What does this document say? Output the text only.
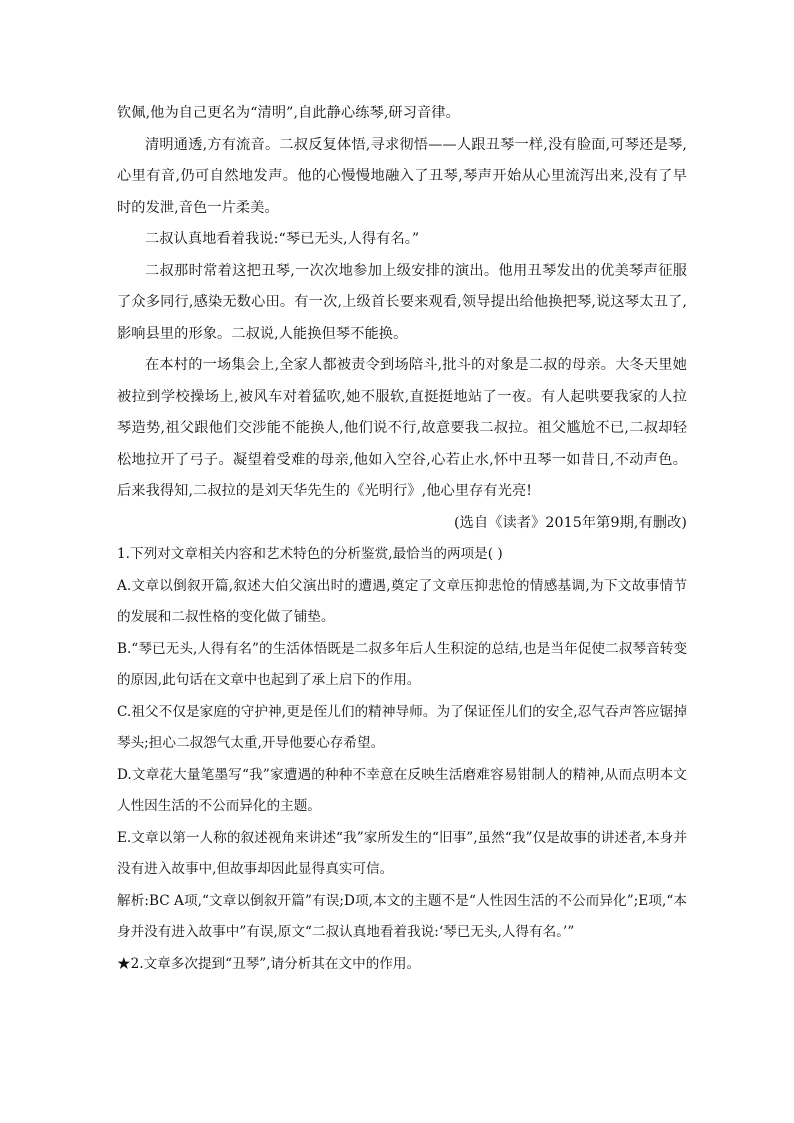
钦佩,他为自己更名为“清明”,自此静心练琴,研习音律。

清明通透,方有流音。二叔反复体悟,寻求彻悟——人跟丑琴一样,没有脸面,可琴还是琴,心里有音,仍可自然地发声。他的心慢慢地融入了丑琴,琴声开始从心里流泻出来,没有了早时的发泄,音色一片柔美。

二叔认真地看着我说:“琴已无头,人得有名。”

二叔那时常着这把丑琴,一次次地参加上级安排的演出。他用丑琴发出的优美琴声征服了众多同行,感染无数心田。有一次,上级首长要来观看,领导提出给他换把琴,说这琴太丑了,影响县里的形象。二叔说,人能换但琴不能换。

在本村的一场集会上,全家人都被责令到场陪斗,批斗的对象是二叔的母亲。大冬天里她被拉到学校操场上,被风车对着猛吹,她不服软,直挺挺地站了一夜。有人起哄要我家的人拉琴造势,祖父跟他们交涉能不能换人,他们说不行,故意要我二叔拉。祖父尴尬不已,二叔却轻松地拉开了弓子。凝望着受难的母亲,他如入空谷,心若止水,怀中丑琴一如昔日,不动声色。后来我得知,二叔拉的是刘天华先生的《光明行》,他心里存有光亮!

(选自《读者》2015年第9期,有删改)

1.下列对文章相关内容和艺术特色的分析鉴赏,最恰当的两项是( )

A.文章以倒叙开篇,叙述大伯父演出时的遭遇,奠定了文章压抑悲怆的情感基调,为下文故事情节的发展和二叔性格的变化做了铺垫。

B.“琴已无头,人得有名”的生活体悟既是二叔多年后人生积淀的总结,也是当年促使二叔琴音转变的原因,此句话在文章中也起到了承上启下的作用。

C.祖父不仅是家庭的守护神,更是侄儿们的精神导师。为了保证侄儿们的安全,忍气吞声答应锯掉琴头;担心二叔怨气太重,开导他要心存希望。

D.文章花大量笔墨写“我”家遭遇的种种不幸意在反映生活磨难容易钳制人的精神,从而点明本文人性因生活的不公而异化的主题。

E.文章以第一人称的叙述视角来讲述“我”家所发生的“旧事”,虽然“我”仅是故事的讲述者,本身并没有进入故事中,但故事却因此显得真实可信。

解析:BC A项,“文章以倒叙开篇”有误;D项,本文的主题不是“人性因生活的不公而异化”;E项,“本身并没有进入故事中”有误,原文“二叔认真地看着我说:‘琴已无头,人得有名。’”

★2.文章多次提到“丑琴”,请分析其在文中的作用。
